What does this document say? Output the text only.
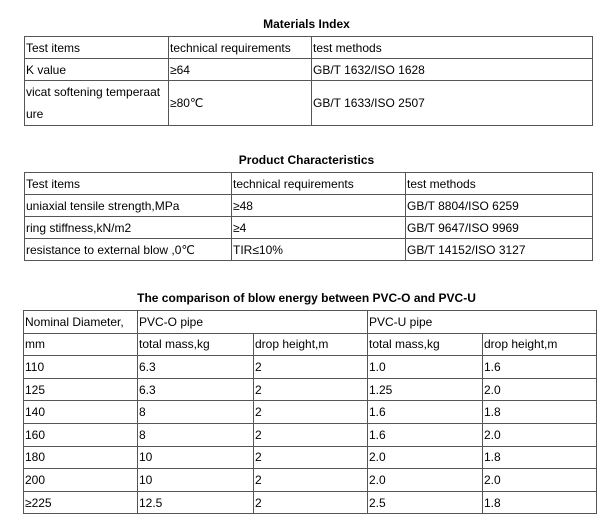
Materials Index
Test items	technical requirements	test methods
K value	≥64	GB/T 1632/ISO 1628
vicat softening temperaat ure	≥80℃	GB/T 1633/ISO 2507
Product Characteristics
Test items	technical requirements	test methods
uniaxial tensile strength,MPa	≥48	GB/T 8804/ISO 6259
ring stiffness,kN/m2	≥4	GB/T 9647/ISO 9969
resistance to external blow ,0℃	TIR≤10%	GB/T 14152/ISO 3127
The comparison of blow energy between PVC-O and PVC-U
Nominal Diameter,	PVC-O pipe		PVC-U pipe	
mm	total mass,kg	drop height,m	total mass,kg	drop height,m
110	6.3	2	1.0	1.6
125	6.3	2	1.25	2.0
140	8	2	1.6	1.8
160	8	2	1.6	2.0
180	10	2	2.0	1.8
200	10	2	2.0	2.0
≥225	12.5	2	2.5	1.8
